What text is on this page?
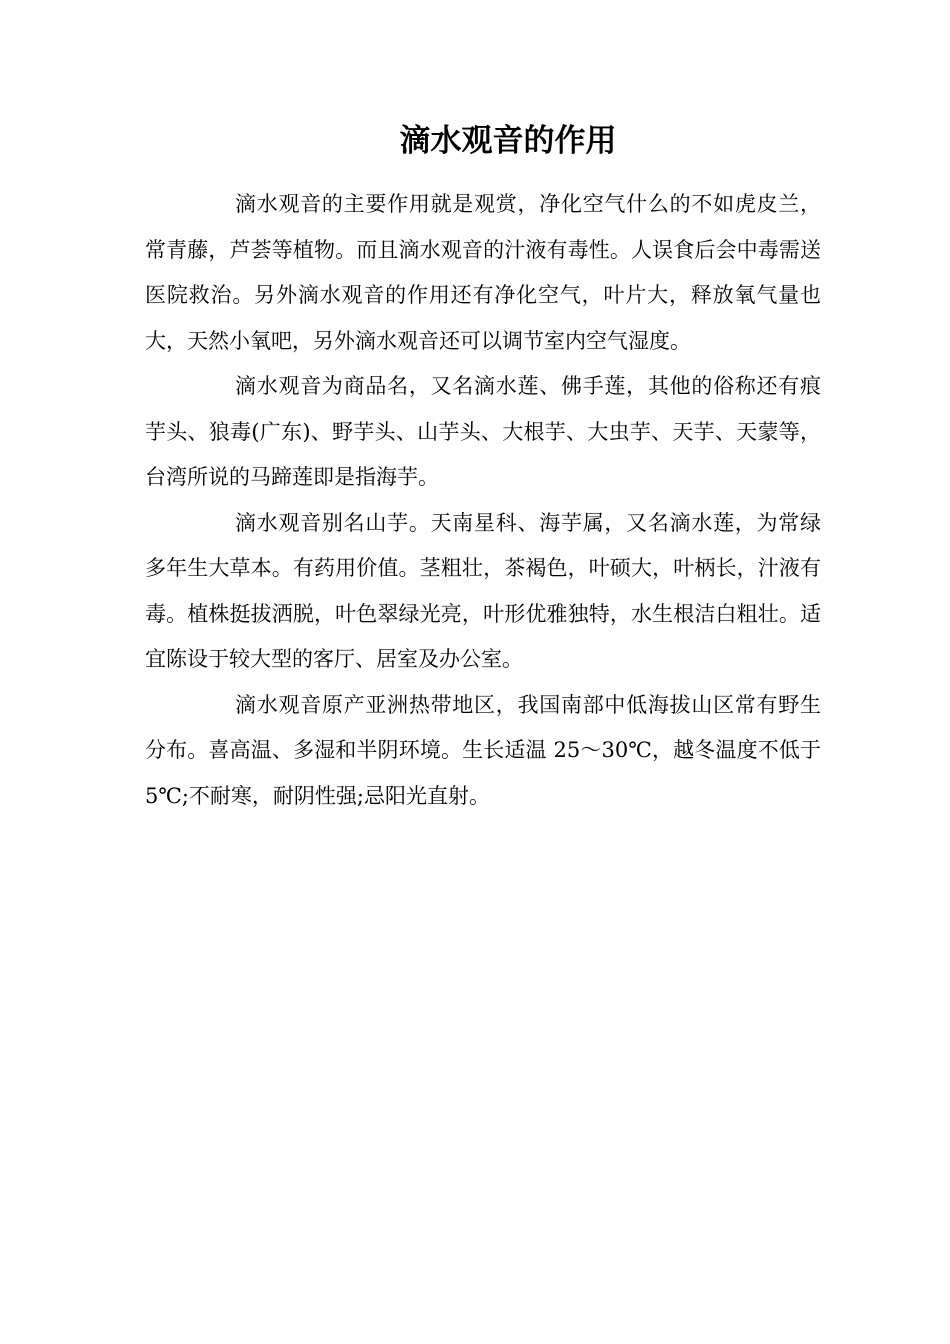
滴水观音的作用

滴水观音的主要作用就是观赏，净化空气什么的不如虎皮兰，常青藤，芦荟等植物。而且滴水观音的汁液有毒性。人误食后会中毒需送医院救治。另外滴水观音的作用还有净化空气，叶片大，释放氧气量也大，天然小氧吧，另外滴水观音还可以调节室内空气湿度。

滴水观音为商品名，又名滴水莲、佛手莲，其他的俗称还有痕芋头、狼毒(广东)、野芋头、山芋头、大根芋、大虫芋、天芋、天蒙等，台湾所说的马蹄莲即是指海芋。

滴水观音别名山芋。天南星科、海芋属，又名滴水莲，为常绿多年生大草本。有药用价值。茎粗壮，茶褐色，叶硕大，叶柄长，汁液有毒。植株挺拔洒脱，叶色翠绿光亮，叶形优雅独特，水生根洁白粗壮。适宜陈设于较大型的客厅、居室及办公室。

滴水观音原产亚洲热带地区，我国南部中低海拔山区常有野生分布。喜高温、多湿和半阴环境。生长适温 25～30℃，越冬温度不低于 5℃;不耐寒，耐阴性强;忌阳光直射。
